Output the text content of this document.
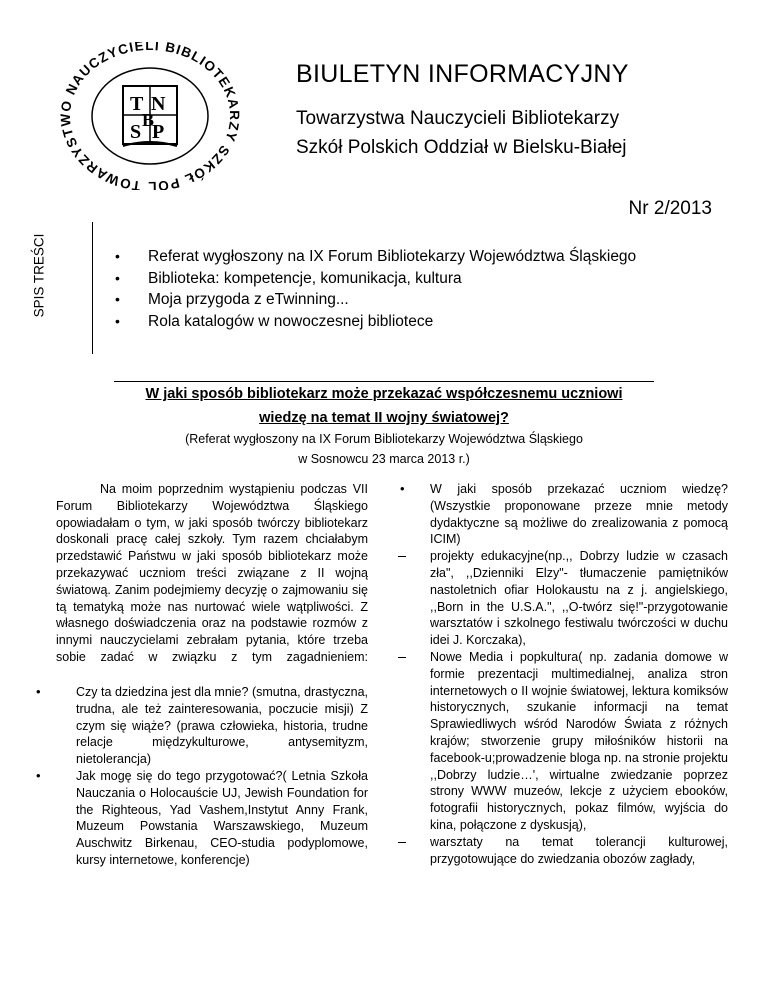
TOWARZYST NAUCZYCIELI BIBLIOTEK Y SZKÓŁ POL
T N
S P
B
BIULETYN INFORMACYJNY
Towarzystwa Nauczycieli Bibliotekarzy
Szkół Polskich Oddział w Bielsku-Białej
Nr 2/2013
SPIS TREŚCI
•	Referat wygłoszony na IX Forum Bibliotekarzy Województwa Śląskiego
• Biblioteka: kompetencje, komunikacja, kultura
• Moja przygoda z eTwinning...
• Rola katalogów w nowoczesnej bibliotece
W jaki sposób bibliotekarz może przekazać współczesnemu uczniowi
wiedzę na temat II wojny światowej?
(Referat wygłoszony na IX Forum Bibliotekarzy Województwa Śląskiego
w Sosnowcu 23 marca 2013 r.)

Na moim poprzednim wystąpieniu podczas VII Forum Bibliotekarzy Województwa Śląskiego opowiadałam o tym, w jaki sposób twórczy bibliotekarz doskonali pracę całej szkoły. Tym razem chciałabym przedstawić Państwu w jaki sposób bibliotekarz może przekazywać uczniom treści związane z II wojną światową. Zanim podejmiemy decyzję o zajmowaniu się tą tematyką może nas nurtować wiele wątpliwości. Z własnego doświadczenia oraz na podstawie rozmów z innymi nauczycielami zebrałam pytania, które trzeba sobie zadać w związku z tym zagadnieniem:

•	Czy ta dziedzina jest dla mnie? (smutna, drastyczna, trudna, ale też zainteresowania, poczucie misji) Z czym się wiąże? (prawa człowieka, historia, trudne relacje międzykulturowe, antysemityzm, nietolerancja)
•	Jak mogę się do tego przygotować?( Letnia Szkoła Nauczania o Holocauście UJ, Jewish Foundation for the Righteous, Yad Vashem,Instytut Anny Frank, Muzeum Powstania Warszawskiego, Muzeum Auschwitz Birkenau, CEO-studia podyplomowe, kursy internetowe, konferencje)
• W jaki sposób przekazać uczniom wiedzę? (Wszystkie proponowane przeze mnie metody dydaktyczne są możliwe do zrealizowania z pomocą ICIM)
projekty edukacyjne(np.,, Dobrzy ludzie w czasach zła", ,,Dzienniki Elzy"- tłumaczenie pamiętników nastoletnich ofiar Holokaustu na z j. angielskiego, ,,Born in the U.S.A.", ,,O-twórz się!"-przygotowanie warsztatów i szkolnego festiwalu twórczości w duchu idei J. Korczaka),
Nowe Media i popkultura( np. zadania domowe w formie prezentacji multimedialnej, analiza stron internetowych o II wojnie światowej, lektura komiksów historycznych, szukanie informacji na temat Sprawiedliwych wśród Narodów Świata z różnych krajów; stworzenie grupy miłośników historii na facebook-u;prowadzenie bloga np. na stronie projektu ,,Dobrzy ludzie…', wirtualne zwiedzanie poprzez strony WWW muzeów, lekcje z użyciem ebooków, fotografii historycznych, pokaz filmów, wyjścia do kina, połączone z dyskusją),
warsztaty na temat tolerancji kulturowej, przygotowujące do zwiedzania obozów zagłady,
